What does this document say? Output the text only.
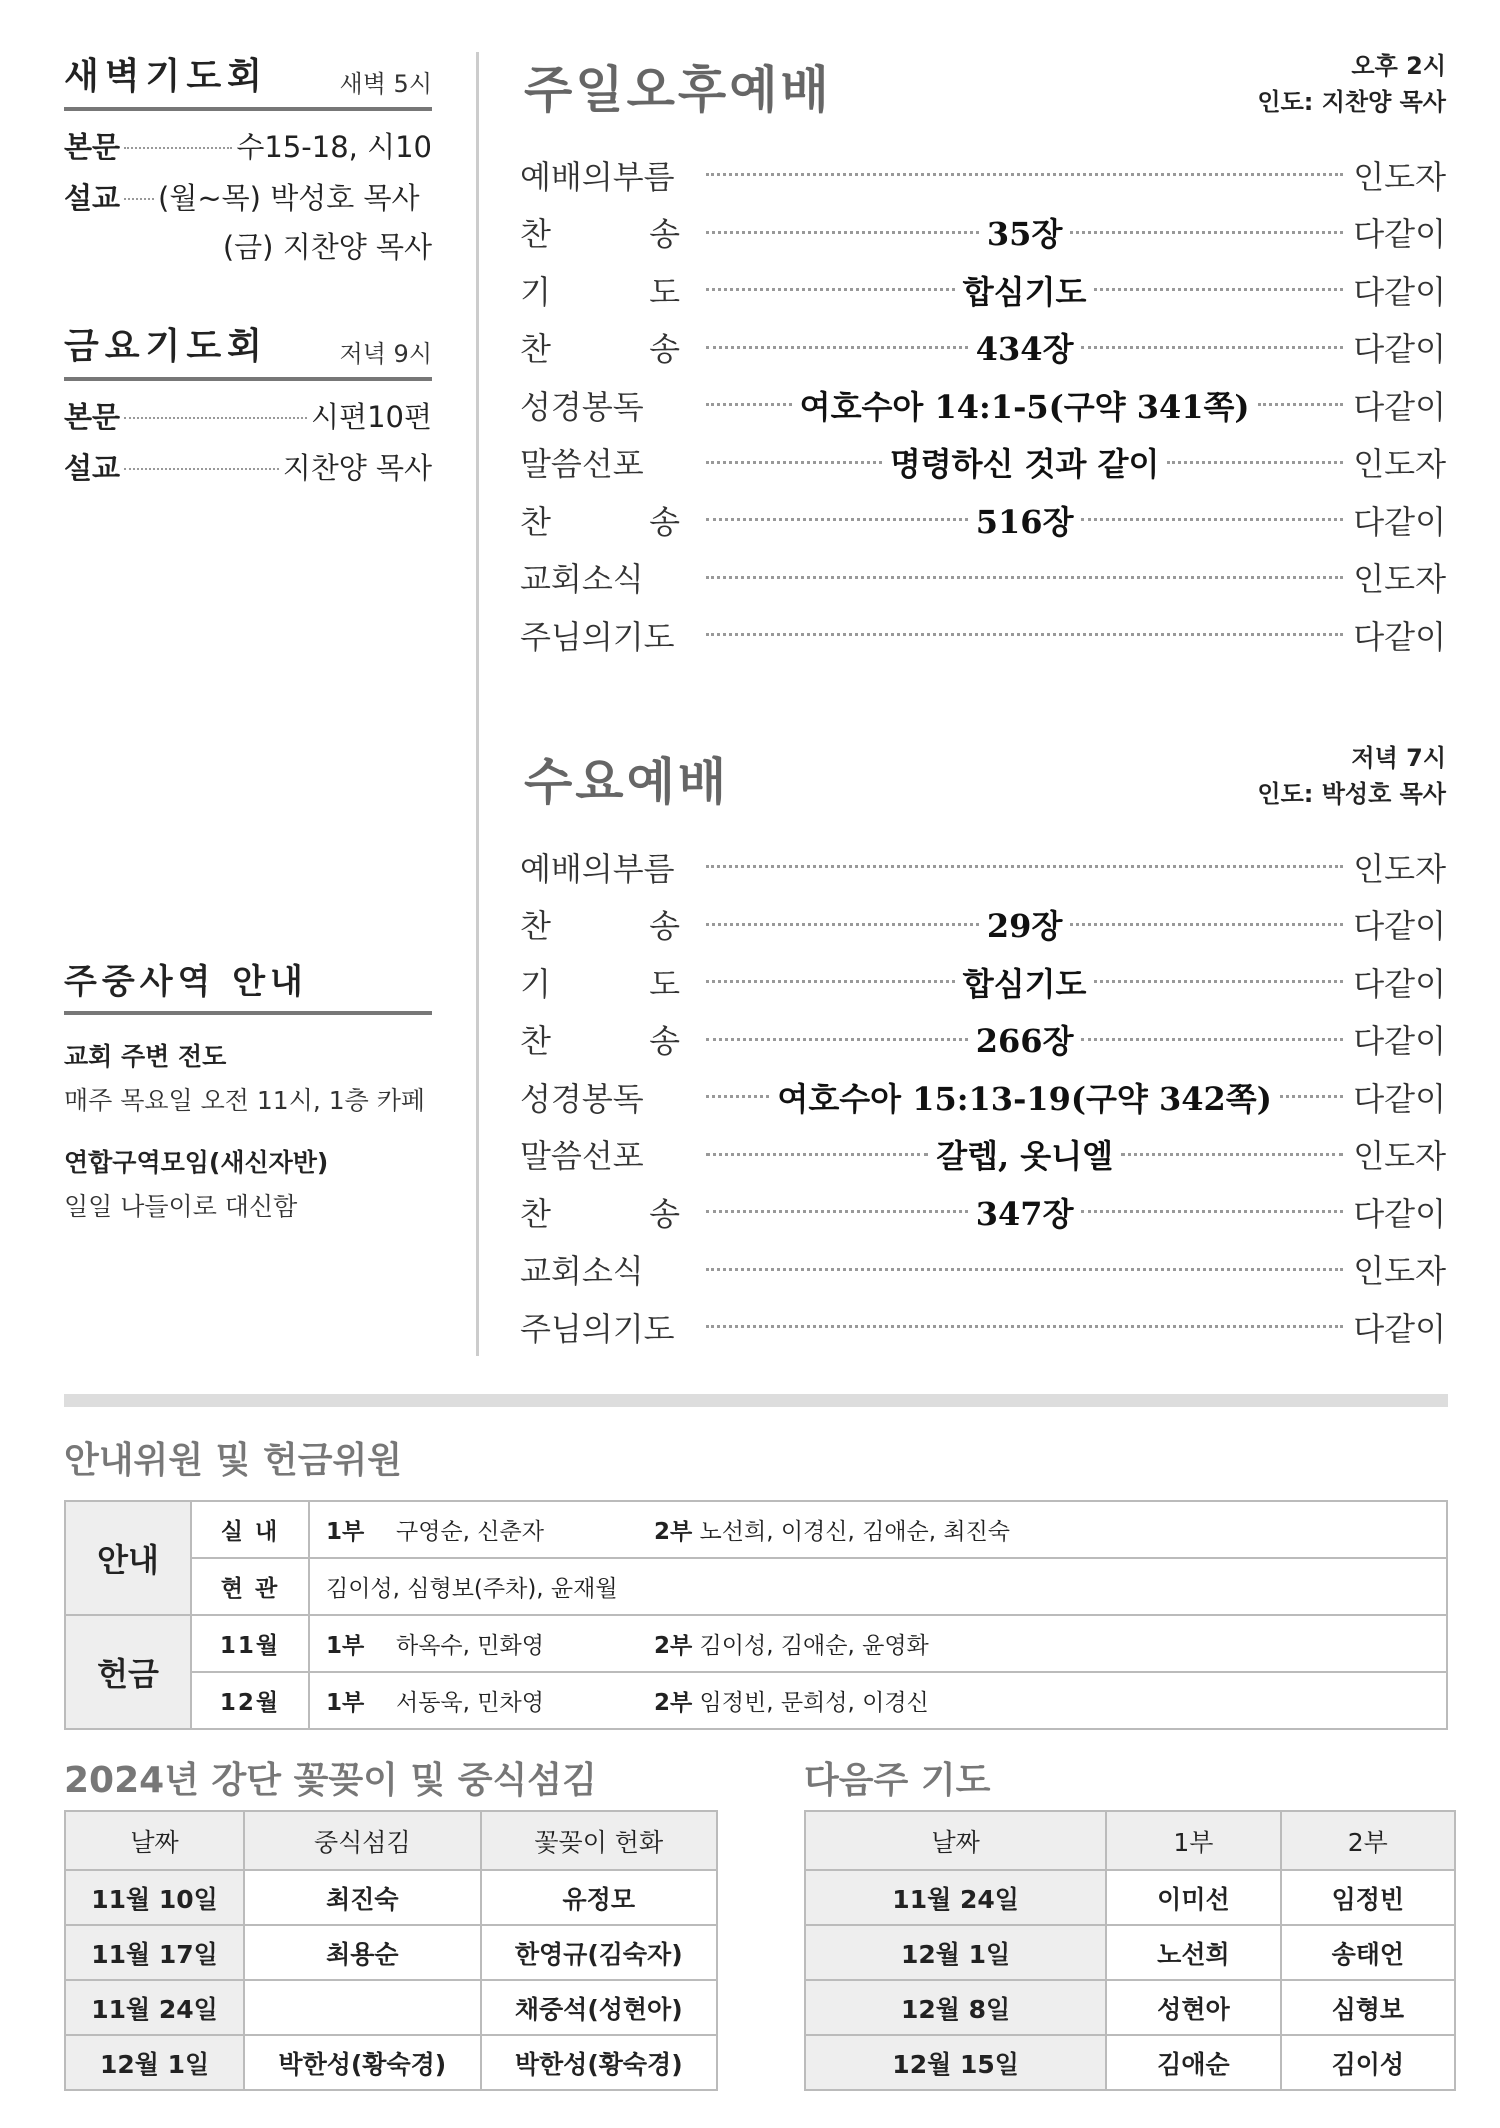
새벽기도회	새벽 5시
본문	수15-18, 시10
설교 (월~목) 박성호 목사
(금) 지찬양 목사
금요기도회	저녁 9시
본문	시편10편
설교	지찬양 목사
주중사역 안내
교회 주변 전도
매주 목요일 오전 11시, 1층 카페
연합구역모임(새신자반)
일일 나들이로 대신함
주일오후예배	오후 2시
인도: 지찬양 목사
예배의부름	인도자
찬 송	35장	다같이
기 도	합심기도	다같이
찬 송	434장	다같이
성경봉독	여호수아 14:1-5(구약 341쪽)	다같이
말씀선포	명령하신 것과 같이	인도자
찬 송	516장	다같이
교회소식	인도자
주님의기도	다같이
수요예배	저녁 7시
인도: 박성호 목사
예배의부름	인도자
찬 송	29장	다같이
기 도	합심기도	다같이
찬 송	266장	다같이
성경봉독	여호수아 15:13-19(구약 342쪽)	다같이
말씀선포	갈렙, 옷니엘	인도자
찬 송	347장	다같이
교회소식	인도자
주님의기도	다같이
안내위원 및 헌금위원
안내	실 내	1부 구영순, 신춘자 2부 노선희, 이경신, 김애순, 최진숙
	현 관	김이성, 심형보(주차), 윤재월
헌금	11월	1부 하옥수, 민화영 2부 김이성, 김애순, 윤영화
	12월	1부 서동욱, 민차영 2부 임정빈, 문희성, 이경신
2024년 강단 꽃꽂이 및 중식섬김
날짜	중식섬김	꽃꽂이 헌화
11월 10일	최진숙	유정모
11월 17일	최용순	한영규(김숙자)
11월 24일		채중석(성현아)
12월 1일	박한성(황숙경)	박한성(황숙경)
다음주 기도
날짜	1부	2부
11월 24일	이미선	임정빈
12월 1일	노선희	송태언
12월 8일	성현아	심형보
12월 15일	김애순	김이성
